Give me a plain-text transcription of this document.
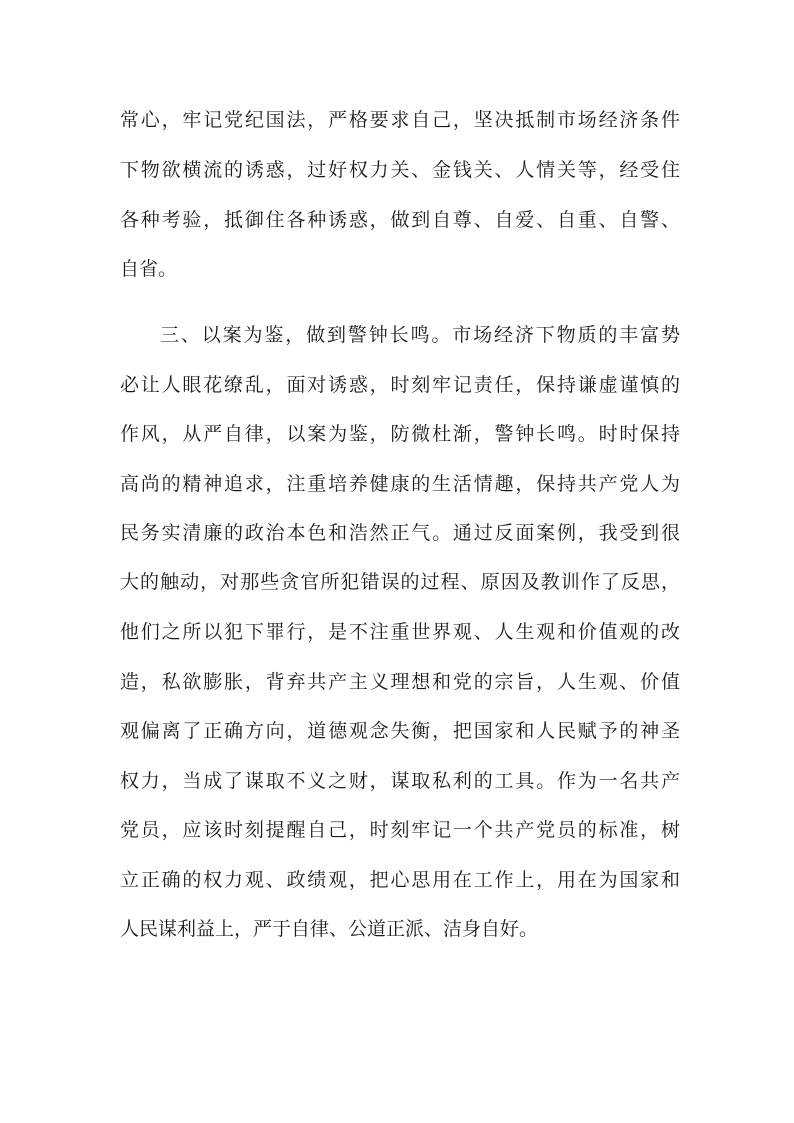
常心，牢记党纪国法，严格要求自己，坚决抵制市场经济条件
下物欲横流的诱惑，过好权力关、金钱关、人情关等，经受住
各种考验，抵御住各种诱惑，做到自尊、自爱、自重、自警、
自省。
三、以案为鉴，做到警钟长鸣。市场经济下物质的丰富势
必让人眼花缭乱，面对诱惑，时刻牢记责任，保持谦虚谨慎的
作风，从严自律，以案为鉴，防微杜渐，警钟长鸣。时时保持
高尚的精神追求，注重培养健康的生活情趣，保持共产党人为
民务实清廉的政治本色和浩然正气。通过反面案例，我受到很
大的触动，对那些贪官所犯错误的过程、原因及教训作了反思，
他们之所以犯下罪行，是不注重世界观、人生观和价值观的改
造，私欲膨胀，背弃共产主义理想和党的宗旨，人生观、价值
观偏离了正确方向，道德观念失衡，把国家和人民赋予的神圣
权力，当成了谋取不义之财，谋取私利的工具。作为一名共产
党员，应该时刻提醒自己，时刻牢记一个共产党员的标准，树
立正确的权力观、政绩观，把心思用在工作上，用在为国家和
人民谋利益上，严于自律、公道正派、洁身自好。
